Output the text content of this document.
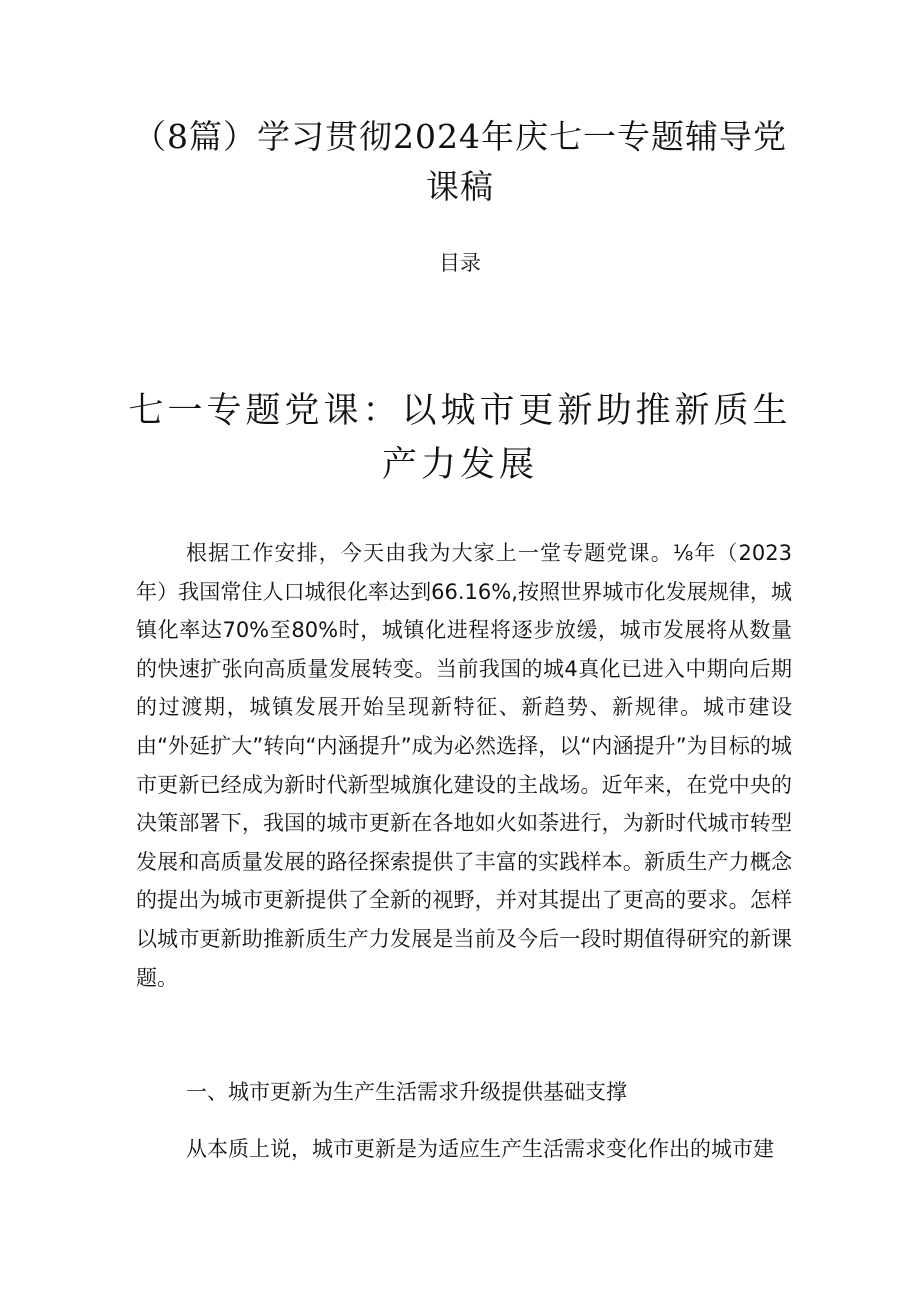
（8篇）学习贯彻2024年庆七一专题辅导党课稿

目录

七一专题党课：以城市更新助推新质生产力发展

根据工作安排，今天由我为大家上一堂专题党课。⅛年（2023年）我国常住人口城很化率达到66.16%,按照世界城市化发展规律，城镇化率达70%至80%时，城镇化进程将逐步放缓，城市发展将从数量的快速扩张向高质量发展转变。当前我国的城4真化已进入中期向后期的过渡期，城镇发展开始呈现新特征、新趋势、新规律。城市建设由“外延扩大”转向“内涵提升”成为必然选择，以“内涵提升”为目标的城市更新已经成为新时代新型城旗化建设的主战场。近年来，在党中央的决策部署下，我国的城市更新在各地如火如荼进行，为新时代城市转型发展和高质量发展的路径探索提供了丰富的实践样本。新质生产力概念的提出为城市更新提供了全新的视野，并对其提出了更高的要求。怎样以城市更新助推新质生产力发展是当前及今后一段时期值得研究的新课题。

一、城市更新为生产生活需求升级提供基础支撑

从本质上说，城市更新是为适应生产生活需求变化作出的城市建
